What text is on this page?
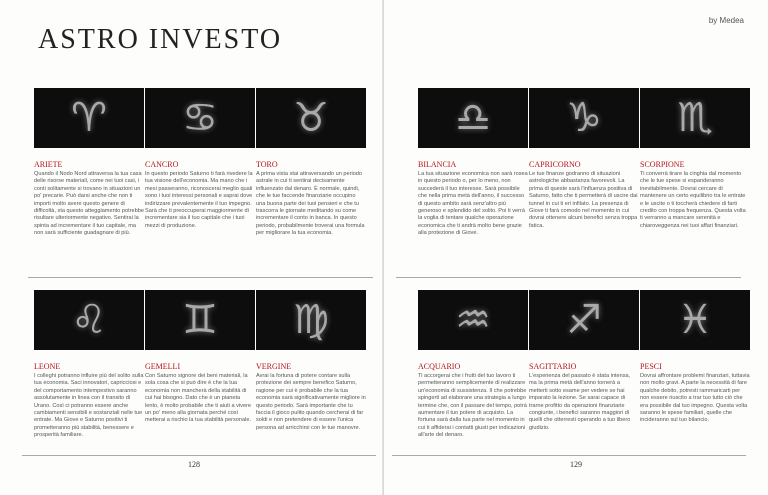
ASTRO INVESTO
♈
ARIETE
Quando il Nodo Nord attraversa la tua casa delle risorse materiali, come nei tuoi casi, i conti solitamente si trovano in situazioni un po' precarie. Può darsi anche che non ti importi molto avere questo genere di difficoltà, sta questo atteggiamento potrebbe risultare ulteriormente negativo. Sentirai la spinta ad incrementare il tuo capitale, ma non sarà sufficiente guadagnare di più.
♋
CANCRO
In questo periodo Saturno ti farà rivedere la tua visione dell'economia. Ma mano che i mesi passeranno, riconoscerai meglio quali sono i tuoi interessi personali e saprai dove indirizzare prevalentemente il tuo impegno. Sarà che ti preoccuperai maggiormente di incrementare sia il tuo capitale che i tuoi mezzi di produzione.
♉
TORO
A prima vista stai attraversando un periodo astrale in cui ti sentirai decisamente influenzato dal denaro. È normale, quindi, che le tue faccende finanziarie occupino una buona parte dei tuoi pensieri e che tu trascorra le giornate meditando su come incrementare il conto in banca. In questo periodo, probabilmente troverai una formula per migliorare la tua economia.
♌
LEONE
I colleghi potranno influire più del solito sulla tua economia. Saci innovatori, capricciosi e del comportamento intempestivo saranno assolutamente in linea con il transito di Urano. Così ci potranno essere anche cambiamenti sensibili e sostanziali nelle tue entrate. Ma Giove e Saturno positivi ti prometteranno più stabilità, benessere e prosperità familiare.
♊
GEMELLI
Con Saturno signore dei beni materiali, la sola cosa che si può dire è che la tua economia non mancherà della stabilità di cui hai bisogno. Dato che è un pianeta lento, è molto probabile che ti aiuti a vivere un po' meno alla giornata perché così metterai a rischio la tua stabilità personale.
♍
VERGINE
Avrai la fortuna di potere contare sulla protezione dei sempre benefico Saturno, ragione per cui è probabile che la tua economia sarà significativamente migliore in questo periodo. Sarà importante che tu faccia il gioco pulito quando cercherai di far soldi e non pretendere di essere l'unica persona ad arricchirsi con le tue manovre.
128
by Medea
♎
BILANCIA
La tua situazione economica non sarà rosea in questo periodo o, per lo meno, non succederà il tuo interesse. Sarà possibile che nella prima metà dell'anno, il successo di questo ambito sarà senz'altro più generoso e splendido del solito. Poi ti verrà la voglia di tentare qualche operazione economica che ti andrà molto bene grazie alla protezione di Giove.
♑
CAPRICORNO
Le tue finanze godranno di situazioni astrologiche abbastanza favorevoli. La prima di queste sarà l'influenza positiva di Saturno, fatto che ti permetterà di uscire dai tunnel in cui ti eri infilato. La presenza di Giove ti farà comodo nel momento in cui dovrai ottenere alcuni benefici senza troppa fatica.
♏
SCORPIONE
Ti converrà tirare la cinghia dal momento che le tue spese si espanderanno inevitabilmente. Dovrai cercare di mantenere un certo equilibrio tra le entrate e le uscite o ti toccherà chiedere di farti credito con troppa frequenza. Questa volta ti verranno a mancare serenità e chiaroveggenza nei tuoi affari finanziari.
♒
ACQUARIO
Ti accorgerai che i frutti del tuo lavoro ti permetteranno semplicemente di realizzare un'economia di sussistenza. Il che potrebbe spingerti ad elaborare una strategia a lungo termine che, con il passare del tempo, potrà aumentare il tuo potere di acquisto. La fortuna sarà dalla tua parte nel momento in cui ti affiderai i contatti giusti per indicazioni all'arte del denaro.
♐
SAGITTARIO
L'esperienza del passato è stata intensa, ma la prima metà dell'anno tornerà a metterti sotto esame per vedere se hai imparato la lezione. Se sarai capace di trarne profitto da operazioni finanziarie congiunte, i benefici saranno maggiori di quelli che otterresti operando a tuo libero giudizio.
♓
PESCI
Dovrai affrontare problemi finanziari, tuttavia non molto gravi. A parte la necessità di fare qualche debito, potresti rammaricarti per non essere riuscito a trar tuo tutto ciò che era possibile dal tuo impegno. Questa volta saranno le spese familiari, quelle che incideranno sul tuo bilancio.
129
